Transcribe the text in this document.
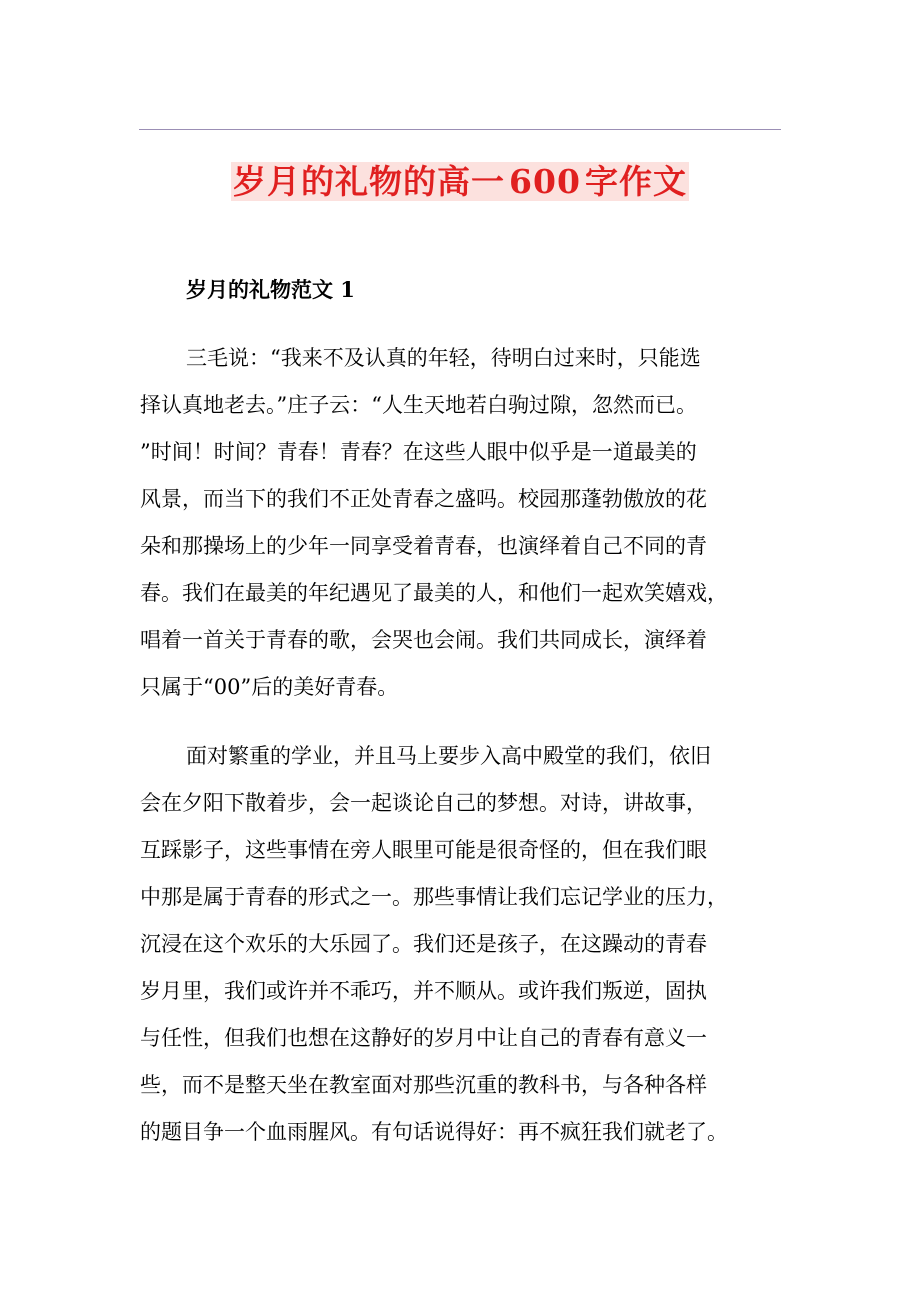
岁月的礼物的高一 600 字作文
岁月的礼物范文 1
三毛说：“我来不及认真的年轻，待明白过来时，只能选
择认真地老去。”庄子云：“人生天地若白驹过隙，忽然而已。
”时间！时间？青春！青春？在这些人眼中似乎是一道最美的
风景，而当下的我们不正处青春之盛吗。校园那蓬勃傲放的花
朵和那操场上的少年一同享受着青春，也演绎着自己不同的青
春。我们在最美的年纪遇见了最美的人，和他们一起欢笑嬉戏，
唱着一首关于青春的歌，会哭也会闹。我们共同成长，演绎着
只属于“00”后的美好青春。
面对繁重的学业，并且马上要步入高中殿堂的我们，依旧
会在夕阳下散着步，会一起谈论自己的梦想。对诗，讲故事，
互踩影子，这些事情在旁人眼里可能是很奇怪的，但在我们眼
中那是属于青春的形式之一。那些事情让我们忘记学业的压力，
沉浸在这个欢乐的大乐园了。我们还是孩子，在这躁动的青春
岁月里，我们或许并不乖巧，并不顺从。或许我们叛逆，固执
与任性，但我们也想在这静好的岁月中让自己的青春有意义一
些，而不是整天坐在教室面对那些沉重的教科书，与各种各样
的题目争一个血雨腥风。有句话说得好：再不疯狂我们就老了。
